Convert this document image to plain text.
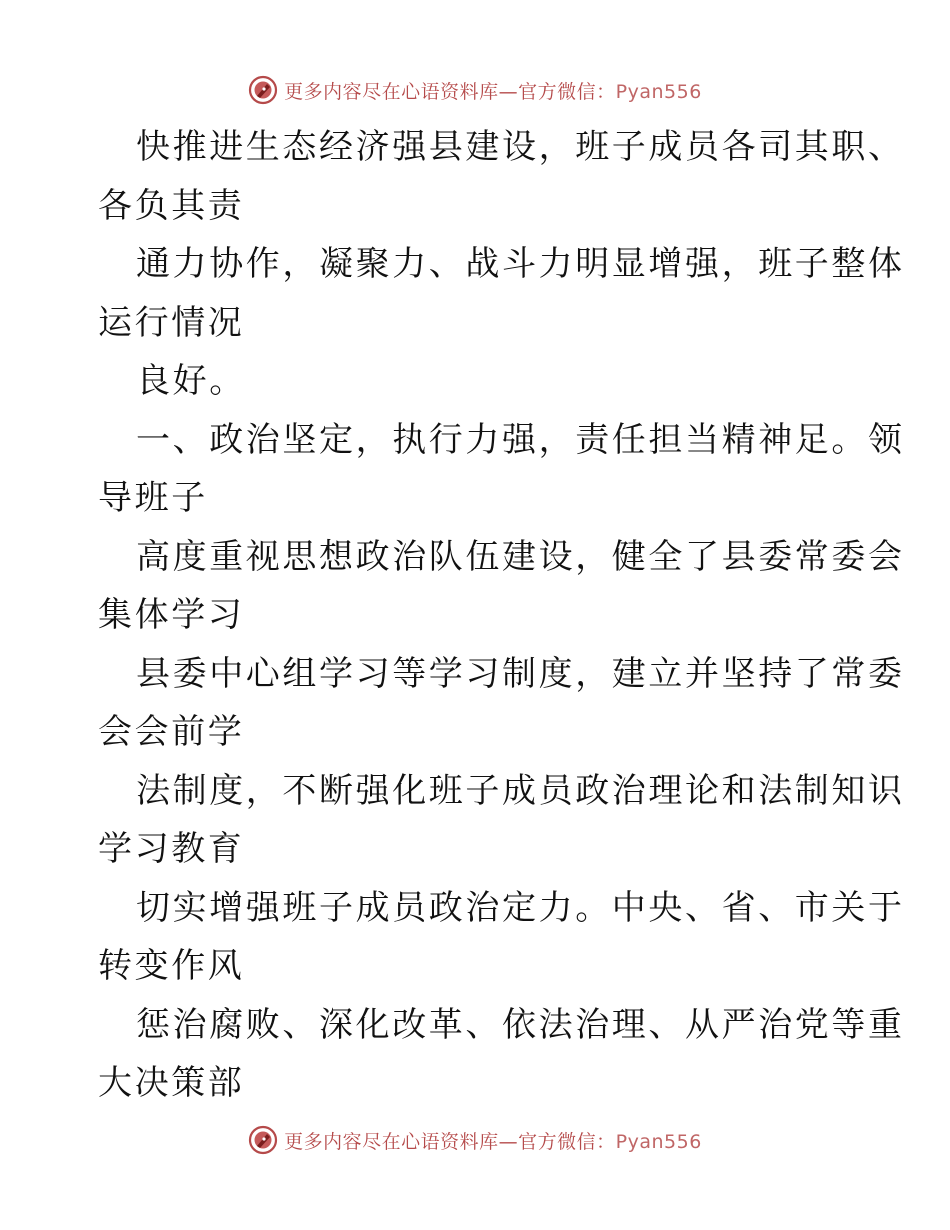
更多内容尽在心语资料库—官方微信：Pyan556
快推进生态经济强县建设，班子成员各司其职、
各负其责
通力协作，凝聚力、战斗力明显增强，班子整体
运行情况
良好。
一、政治坚定，执行力强，责任担当精神足。领
导班子
高度重视思想政治队伍建设，健全了县委常委会
集体学习
县委中心组学习等学习制度，建立并坚持了常委
会会前学
法制度，不断强化班子成员政治理论和法制知识
学习教育
切实增强班子成员政治定力。中央、省、市关于
转变作风
惩治腐败、深化改革、依法治理、从严治党等重
大决策部
更多内容尽在心语资料库—官方微信：Pyan556
